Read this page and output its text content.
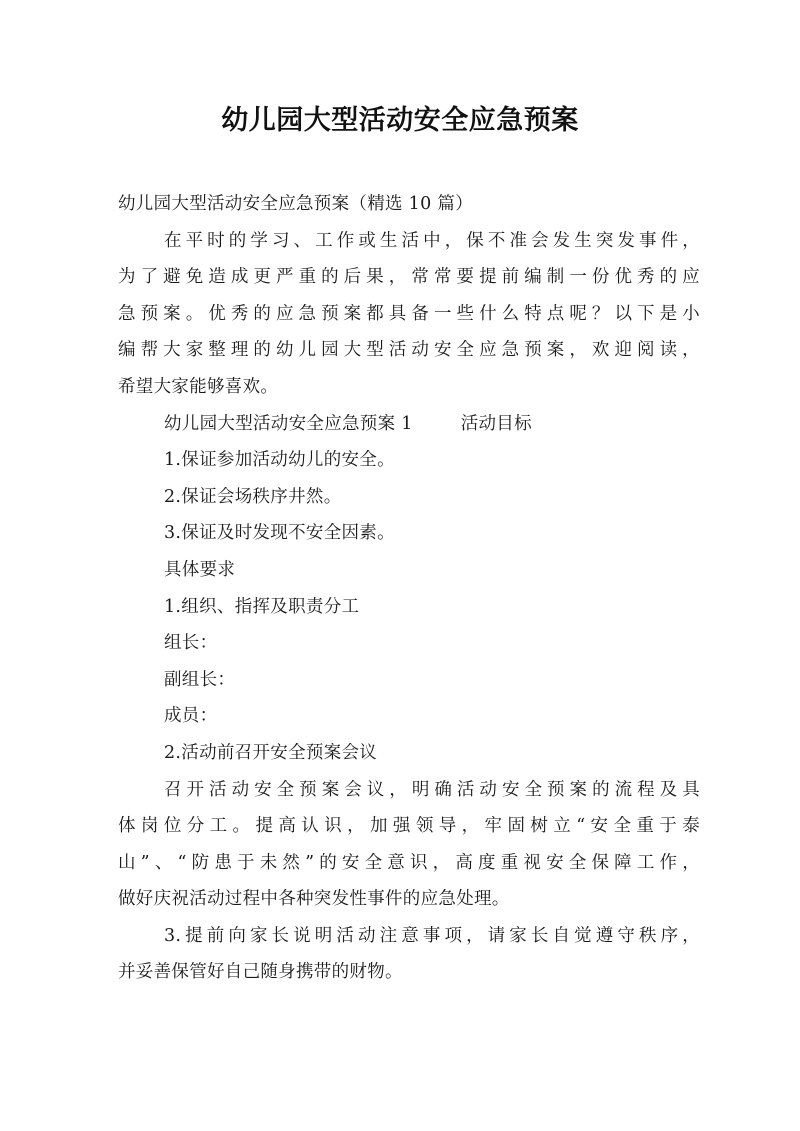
幼儿园大型活动安全应急预案

幼儿园大型活动安全应急预案（精选 10 篇）

在平时的学习、工作或生活中，保不准会发生突发事件，

为了避免造成更严重的后果，常常要提前编制一份优秀的应

急预案。优秀的应急预案都具备一些什么特点呢？以下是小

编帮大家整理的幼儿园大型活动安全应急预案，欢迎阅读，

希望大家能够喜欢。

幼儿园大型活动安全应急预案 1	活动目标

1.保证参加活动幼儿的安全。

2.保证会场秩序井然。

3.保证及时发现不安全因素。

具体要求

1.组织、指挥及职责分工

组长：

副组长：

成员：

2.活动前召开安全预案会议

召开活动安全预案会议，明确活动安全预案的流程及具

体岗位分工。提高认识，加强领导，牢固树立“安全重于泰

山”、“防患于未然”的安全意识，高度重视安全保障工作，

做好庆祝活动过程中各种突发性事件的应急处理。

3.提前向家长说明活动注意事项，请家长自觉遵守秩序，

并妥善保管好自己随身携带的财物。
